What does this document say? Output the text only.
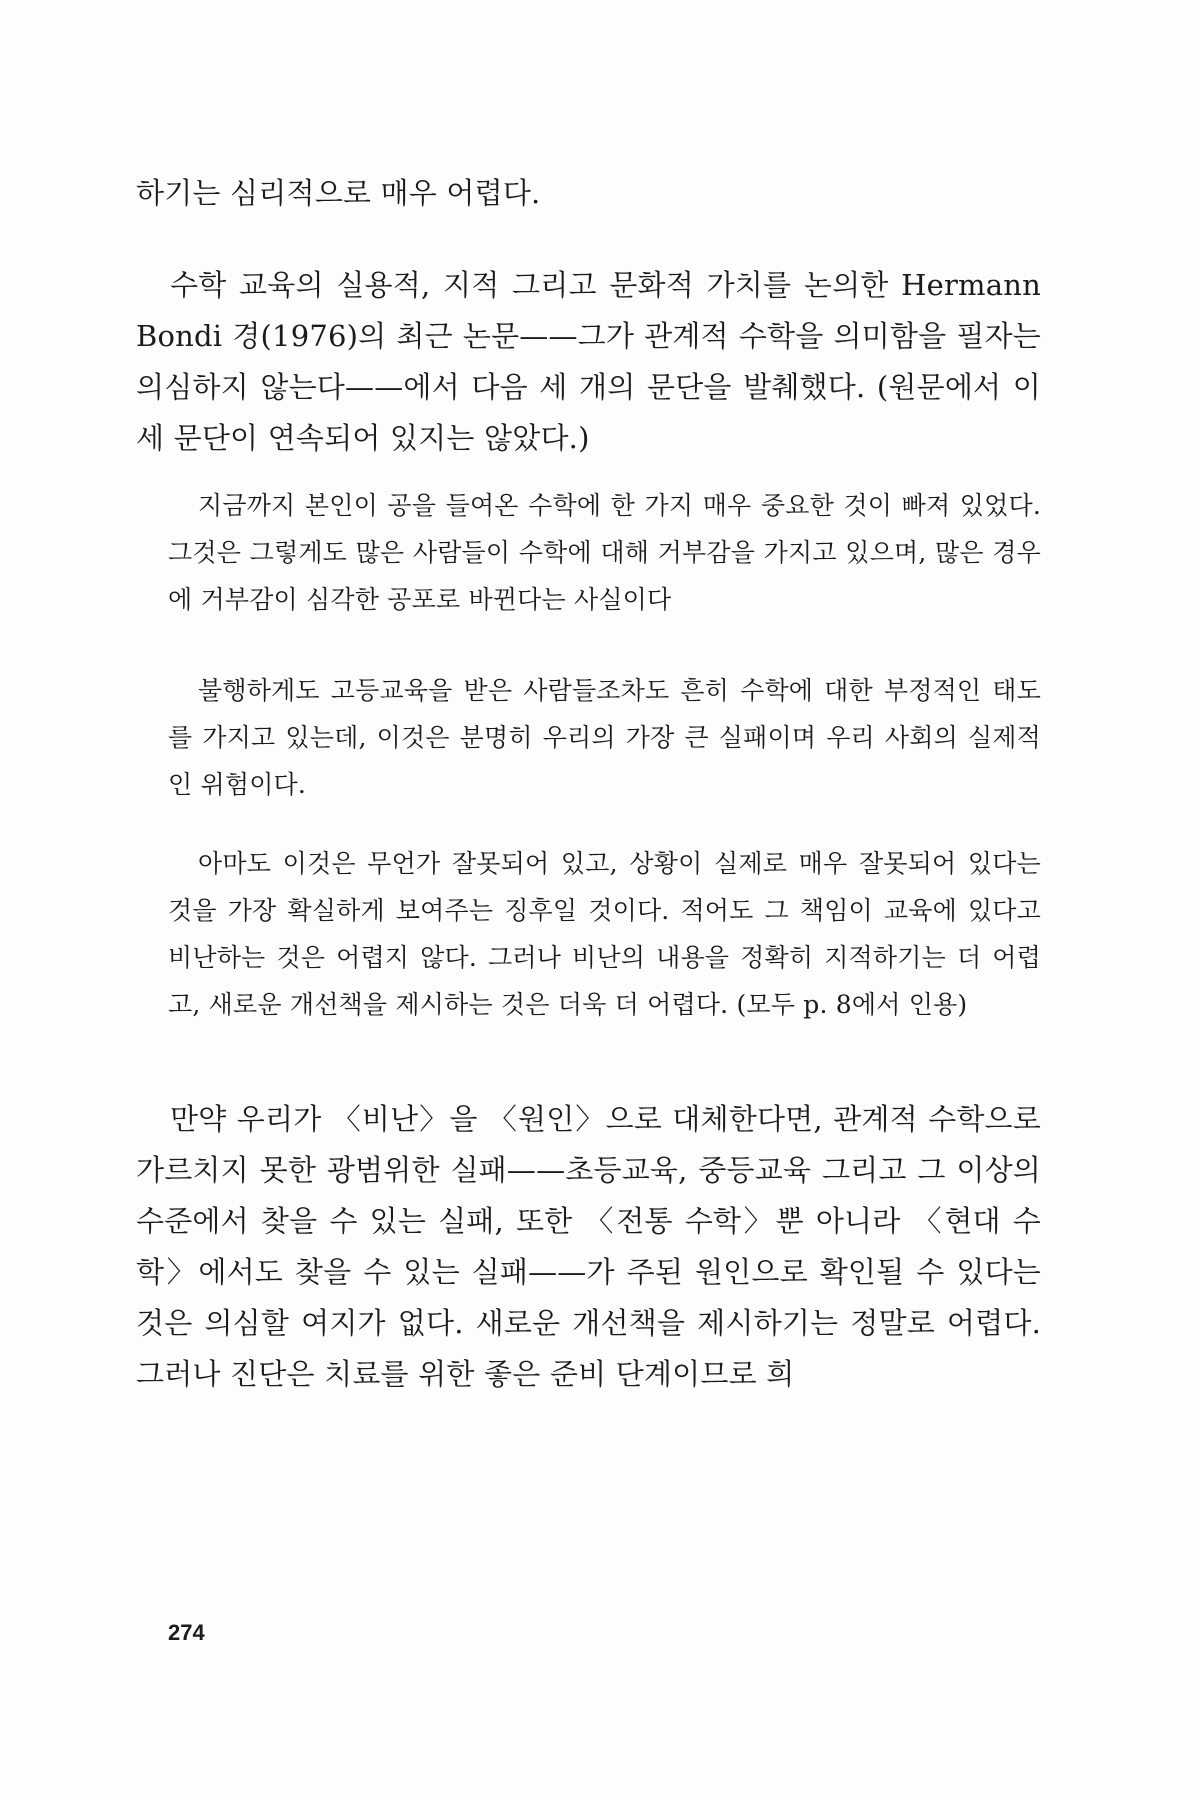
하기는 심리적으로 매우 어렵다.

수학 교육의 실용적, 지적 그리고 문화적 가치를 논의한 Hermann Bondi 경(1976)의 최근 논문——그가 관계적 수학을 의미함을 필자는 의심하지 않는다——에서 다음 세 개의 문단을 발췌했다. (원문에서 이 세 문단이 연속되어 있지는 않았다.)

지금까지 본인이 공을 들여온 수학에 한 가지 매우 중요한 것이 빠져 있었다. 그것은 그렇게도 많은 사람들이 수학에 대해 거부감을 가지고 있으며, 많은 경우에 거부감이 심각한 공포로 바뀐다는 사실이다

불행하게도 고등교육을 받은 사람들조차도 흔히 수학에 대한 부정적인 태도를 가지고 있는데, 이것은 분명히 우리의 가장 큰 실패이며 우리 사회의 실제적인 위험이다.

아마도 이것은 무언가 잘못되어 있고, 상황이 실제로 매우 잘못되어 있다는 것을 가장 확실하게 보여주는 징후일 것이다. 적어도 그 책임이 교육에 있다고 비난하는 것은 어렵지 않다. 그러나 비난의 내용을 정확히 지적하기는 더 어렵고, 새로운 개선책을 제시하는 것은 더욱 더 어렵다. (모두 p. 8에서 인용)

만약 우리가 〈비난〉을 〈원인〉으로 대체한다면, 관계적 수학으로 가르치지 못한 광범위한 실패——초등교육, 중등교육 그리고 그 이상의 수준에서 찾을 수 있는 실패, 또한 〈전통 수학〉뿐 아니라 〈현대 수학〉에서도 찾을 수 있는 실패——가 주된 원인으로 확인될 수 있다는 것은 의심할 여지가 없다. 새로운 개선책을 제시하기는 정말로 어렵다. 그러나 진단은 치료를 위한 좋은 준비 단계이므로 희

274
